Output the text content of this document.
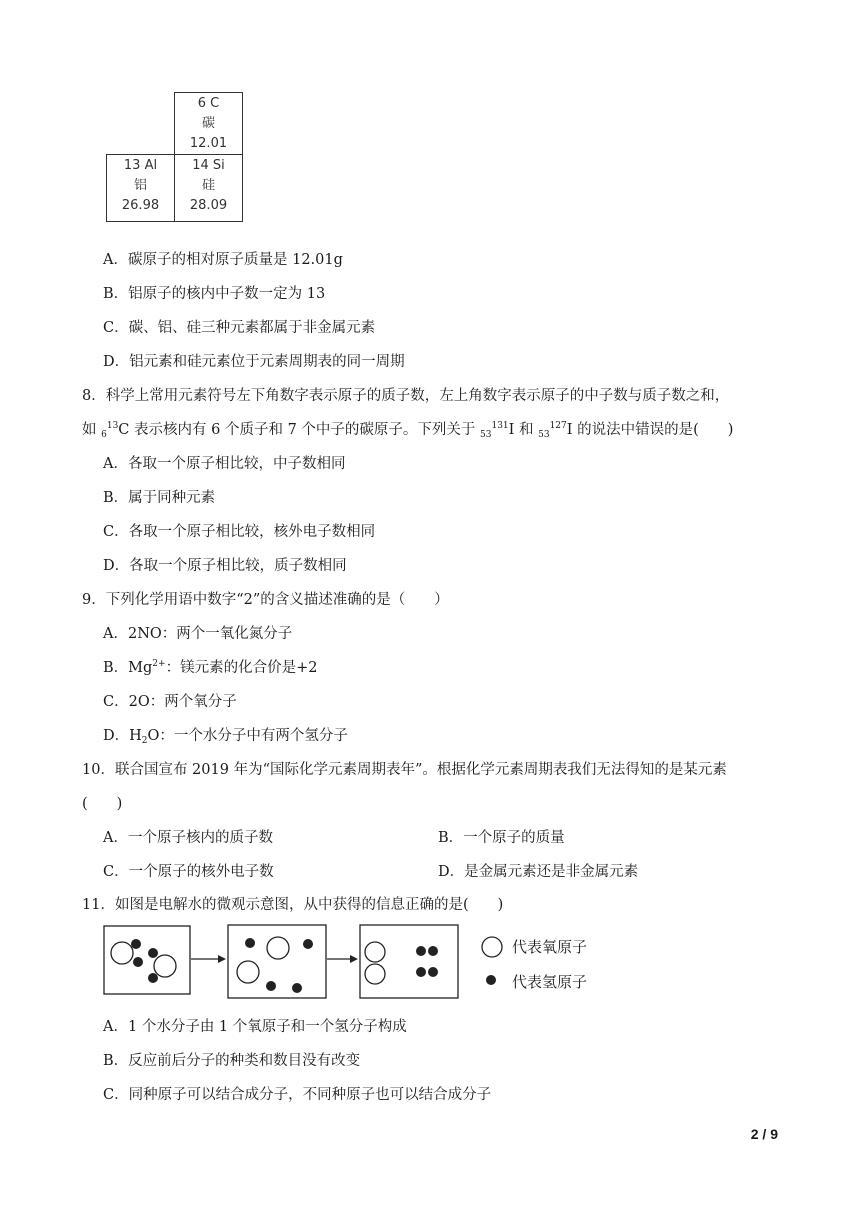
6 C
碳
12.01
13 Al
铝
26.98
14 Si
硅
28.09
A．碳原子的相对原子质量是 12.01g
B．铝原子的核内中子数一定为 13
C．碳、铝、硅三种元素都属于非金属元素
D．铝元素和硅元素位于元素周期表的同一周期
8．科学上常用元素符号左下角数字表示原子的质子数，左上角数字表示原子的中子数与质子数之和，
如 $_6^{13}$C 表示核内有 6 个质子和 7 个中子的碳原子。下列关于 $_{53}^{131}$I 和 $_{53}^{127}$I 的说法中错误的是(　　)
A．各取一个原子相比较，中子数相同
B．属于同种元素
C．各取一个原子相比较，核外电子数相同
D．各取一个原子相比较，质子数相同
9．下列化学用语中数字“2”的含义描述准确的是（　　）
A．2NO：两个一氧化氮分子
B．$Mg^{2+}$：镁元素的化合价是+2
C．2O：两个氧分子
D．$H_2O$：一个水分子中有两个氢分子
10．联合国宣布 2019 年为“国际化学元素周期表年”。根据化学元素周期表我们无法得知的是某元素
(　　)
A．一个原子核内的质子数	B．一个原子的质量
C．一个原子的核外电子数	D．是金属元素还是非金属元素
11．如图是电解水的微观示意图，从中获得的信息正确的是(　　)
代表氧原子
代表氢原子
A．1 个水分子由 1 个氧原子和一个氢分子构成
B．反应前后分子的种类和数目没有改变
C．同种原子可以结合成分子，不同种原子也可以结合成分子
2 / 9
